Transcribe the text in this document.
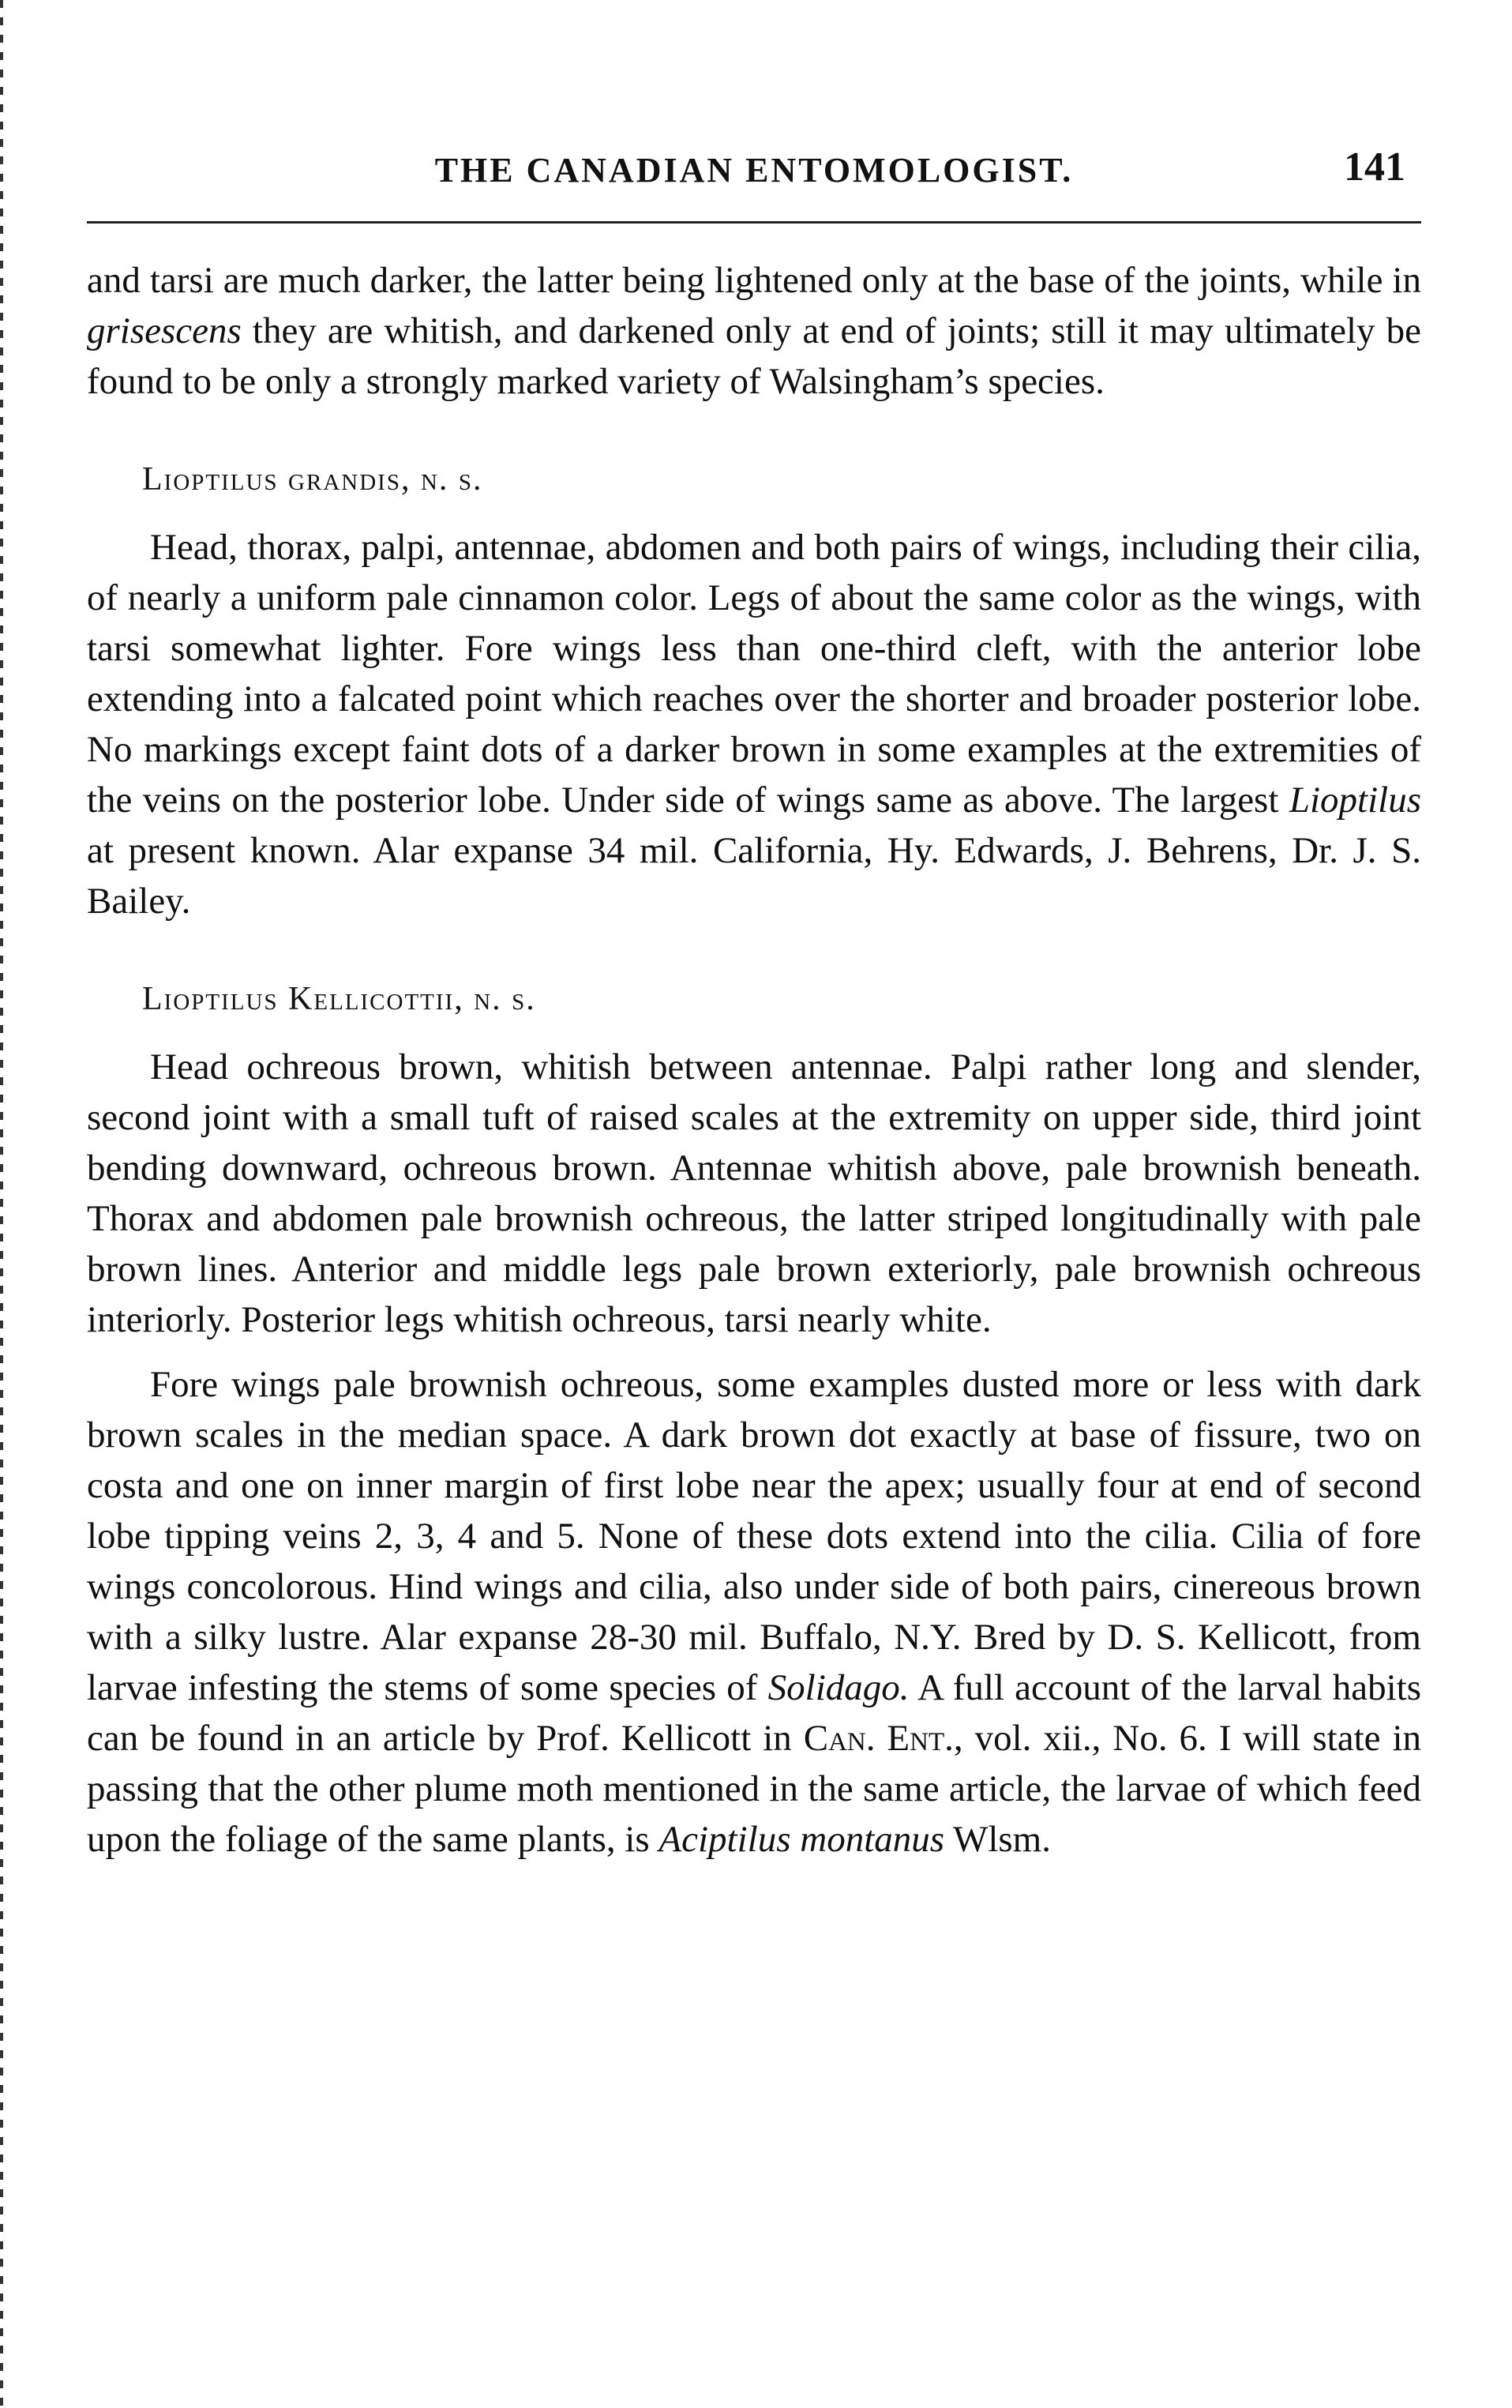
THE CANADIAN ENTOMOLOGIST.	141

and tarsi are much darker, the latter being lightened only at the base of the joints, while in grisescens they are whitish, and darkened only at end of joints; still it may ultimately be found to be only a strongly marked variety of Walsingham’s species.

Lioptilus grandis, n. s.

Head, thorax, palpi, antennae, abdomen and both pairs of wings, including their cilia, of nearly a uniform pale cinnamon color. Legs of about the same color as the wings, with tarsi somewhat lighter. Fore wings less than one-third cleft, with the anterior lobe extending into a falcated point which reaches over the shorter and broader posterior lobe. No markings except faint dots of a darker brown in some examples at the extremities of the veins on the posterior lobe. Under side of wings same as above. The largest Lioptilus at present known. Alar expanse 34 mil. California, Hy. Edwards, J. Behrens, Dr. J. S. Bailey.

Lioptilus Kellicottii, n. s.

Head ochreous brown, whitish between antennae. Palpi rather long and slender, second joint with a small tuft of raised scales at the extremity on upper side, third joint bending downward, ochreous brown. Antennae whitish above, pale brownish beneath. Thorax and abdomen pale brownish ochreous, the latter striped longitudinally with pale brown lines. Anterior and middle legs pale brown exteriorly, pale brownish ochreous interiorly. Posterior legs whitish ochreous, tarsi nearly white.

Fore wings pale brownish ochreous, some examples dusted more or less with dark brown scales in the median space. A dark brown dot exactly at base of fissure, two on costa and one on inner margin of first lobe near the apex; usually four at end of second lobe tipping veins 2, 3, 4 and 5. None of these dots extend into the cilia. Cilia of fore wings concolorous. Hind wings and cilia, also under side of both pairs, cinereous brown with a silky lustre. Alar expanse 28-30 mil. Buffalo, N.Y. Bred by D. S. Kellicott, from larvae infesting the stems of some species of Solidago. A full account of the larval habits can be found in an article by Prof. Kellicott in Can. Ent., vol. xii., No. 6. I will state in passing that the other plume moth mentioned in the same article, the larvae of which feed upon the foliage of the same plants, is Aciptilus montanus Wlsm.
